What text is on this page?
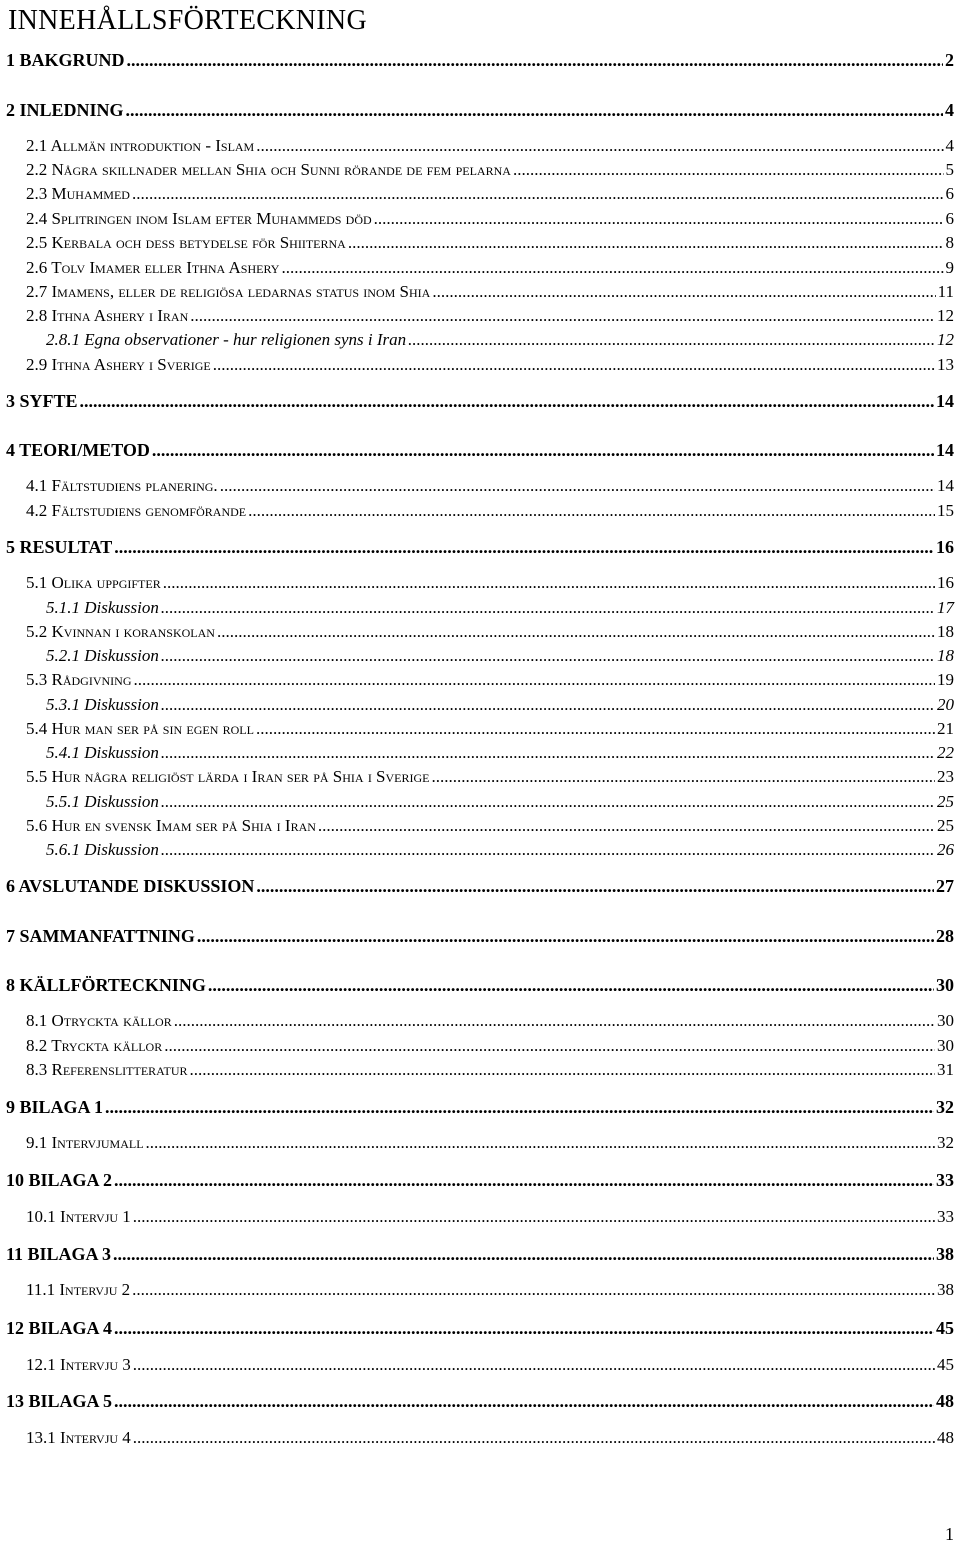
INNEHÅLLSFÖRTECKNING
1 BAKGRUND .....	2
2 INLEDNING .....	4
2.1 Allmän introduktion - Islam .....	4
2.2 Några skillnader mellan Shia och Sunni rörande de fem pelarna .....	5
2.3 Muhammed .....	6
2.4 Splitringen inom Islam efter Muhammeds död .....	6
2.5 Kerbala och dess betydelse för Shiiterna .....	8
2.6 Tolv Imamer eller Ithna Ashery .....	9
2.7 Imamens, eller de religiösa ledarnas status inom Shia .....	11
2.8 Ithna Ashery i Iran .....	12
2.8.1 Egna observationer - hur religionen syns i Iran .....	12
2.9 Ithna Ashery i Sverige .....	13
3 SYFTE .....	14
4 TEORI/METOD .....	14
4.1 Fältstudiens planering. .....	14
4.2 Fältstudiens genomförande .....	15
5 RESULTAT .....	16
5.1 Olika uppgifter .....	16
5.1.1 Diskussion .....	17
5.2 Kvinnan i koranskolan .....	18
5.2.1 Diskussion .....	18
5.3 Rådgivning .....	19
5.3.1 Diskussion .....	20
5.4 Hur man ser på sin egen roll .....	21
5.4.1 Diskussion .....	22
5.5 Hur några religiöst lärda i Iran ser på Shia i Sverige .....	23
5.5.1 Diskussion .....	25
5.6 Hur en svensk Imam ser på Shia i Iran .....	25
5.6.1 Diskussion .....	26
6 AVSLUTANDE DISKUSSION .....	27
7 SAMMANFATTNING .....	28
8 KÄLLFÖRTECKNING .....	30
8.1 Otryckta källor .....	30
8.2 Tryckta källor .....	30
8.3 Referenslitteratur .....	31
9 BILAGA 1 .....	32
9.1 Intervjumall .....	32
10 BILAGA 2 .....	33
10.1 Intervju 1 .....	33
11 BILAGA 3 .....	38
11.1 Intervju 2 .....	38
12 BILAGA 4 .....	45
12.1 Intervju 3 .....	45
13 BILAGA 5 .....	48
13.1 Intervju 4 .....	48
1
